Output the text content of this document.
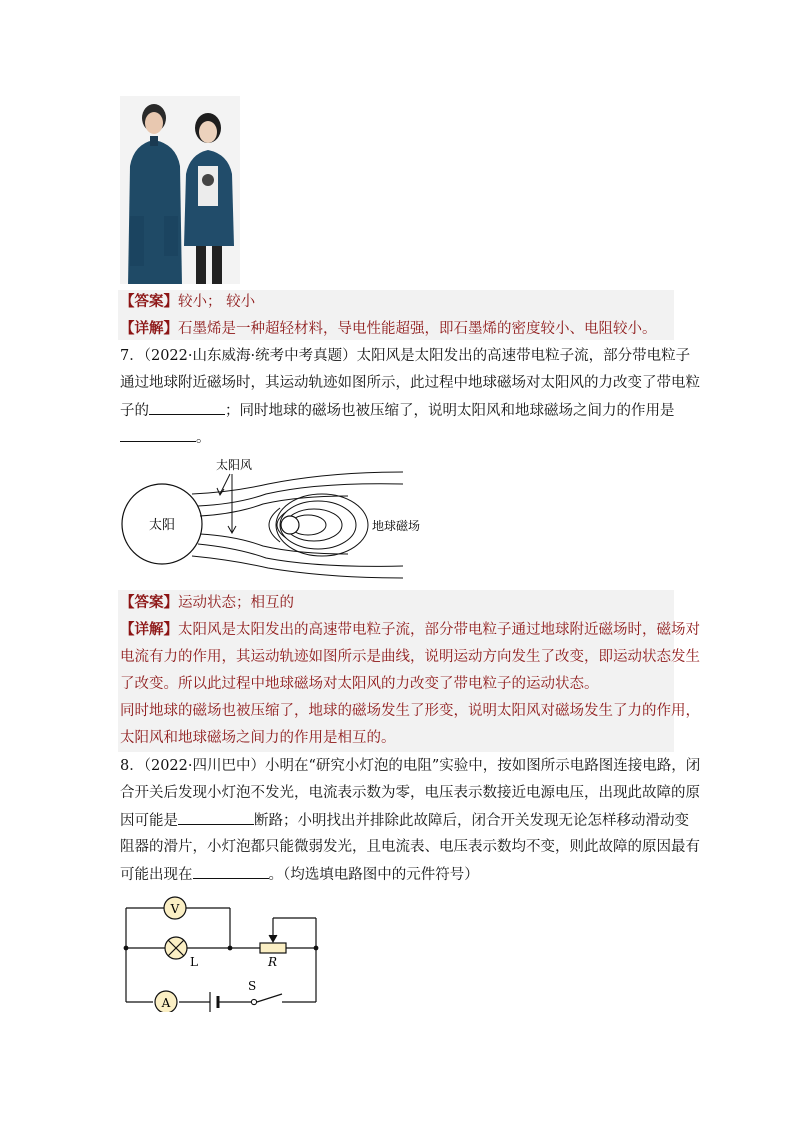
【答案】较小； 较小
【详解】石墨烯是一种超轻材料，导电性能超强，即石墨烯的密度较小、电阻较小。
7．（2022·山东威海·统考中考真题）太阳风是太阳发出的高速带电粒子流，部分带电粒子
通过地球附近磁场时，其运动轨迹如图所示，此过程中地球磁场对太阳风的力改变了带电粒
子的	；同时地球的磁场也被压缩了，说明太阳风和地球磁场之间力的作用是
。
太阳
太阳风
地球磁场
【答案】运动状态；相互的
【详解】太阳风是太阳发出的高速带电粒子流，部分带电粒子通过地球附近磁场时，磁场对
电流有力的作用，其运动轨迹如图所示是曲线，说明运动方向发生了改变，即运动状态发生
了改变。所以此过程中地球磁场对太阳风的力改变了带电粒子的运动状态。
同时地球的磁场也被压缩了，地球的磁场发生了形变，说明太阳风对磁场发生了力的作用，
太阳风和地球磁场之间力的作用是相互的。
8．（2022·四川巴中）小明在“研究小灯泡的电阻”实验中，按如图所示电路图连接电路，闭
合开关后发现小灯泡不发光，电流表示数为零，电压表示数接近电源电压，出现此故障的原
因可能是	断路；小明找出并排除此故障后，闭合开关发现无论怎样移动滑动变
阻器的滑片，小灯泡都只能微弱发光，且电流表、电压表示数均不变，则此故障的原因最有
可能出现在	。（均选填电路图中的元件符号）
V
L	R
A
S
